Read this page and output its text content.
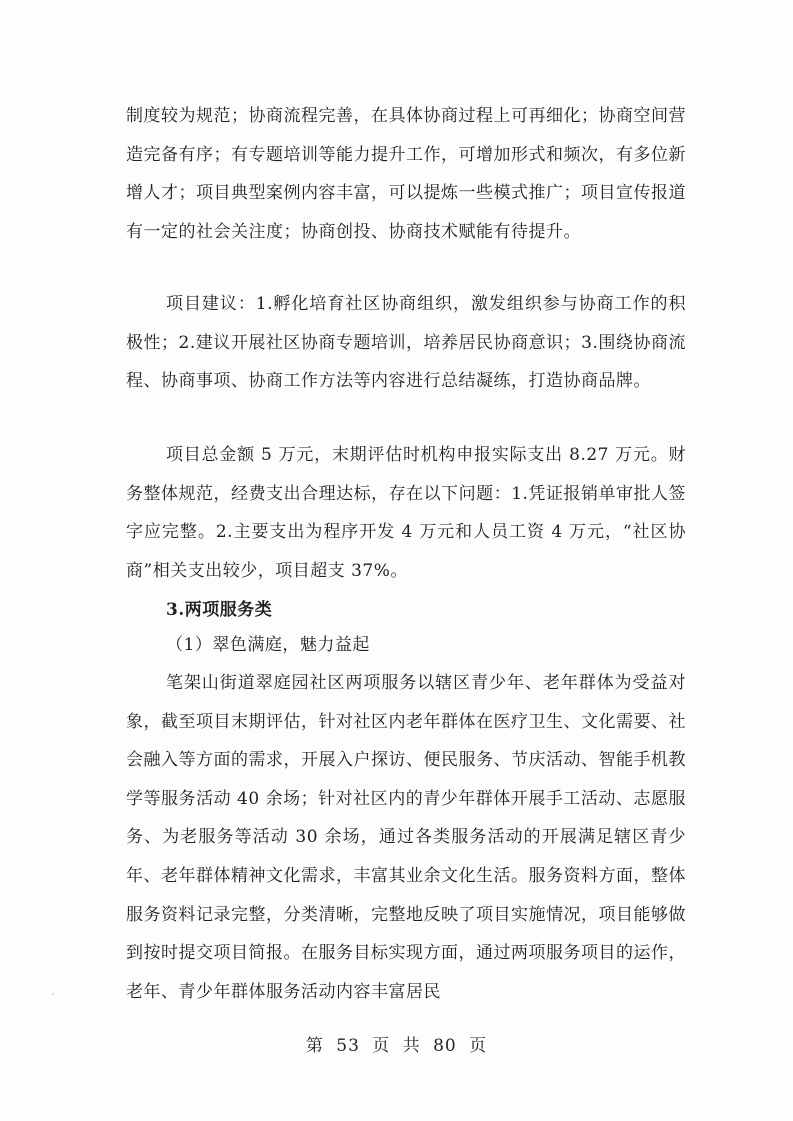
制度较为规范；协商流程完善，在具体协商过程上可再细化；协商空间营造完备有序；有专题培训等能力提升工作，可增加形式和频次，有多位新增人才；项目典型案例内容丰富，可以提炼一些模式推广；项目宣传报道有一定的社会关注度；协商创投、协商技术赋能有待提升。

项目建议：1.孵化培育社区协商组织，激发组织参与协商工作的积极性；2.建议开展社区协商专题培训，培养居民协商意识；3.围绕协商流程、协商事项、协商工作方法等内容进行总结凝练，打造协商品牌。

项目总金额 5 万元，末期评估时机构申报实际支出 8.27 万元。财务整体规范，经费支出合理达标，存在以下问题：1.凭证报销单审批人签字应完整。2.主要支出为程序开发 4 万元和人员工资 4 万元，“社区协商”相关支出较少，项目超支 37%。

3.两项服务类

（1）翠色满庭，魅力益起

笔架山街道翠庭园社区两项服务以辖区青少年、老年群体为受益对象，截至项目末期评估，针对社区内老年群体在医疗卫生、文化需要、社会融入等方面的需求，开展入户探访、便民服务、节庆活动、智能手机教学等服务活动 40 余场；针对社区内的青少年群体开展手工活动、志愿服务、为老服务等活动 30 余场，通过各类服务活动的开展满足辖区青少年、老年群体精神文化需求，丰富其业余文化生活。服务资料方面，整体服务资料记录完整，分类清晰，完整地反映了项目实施情况，项目能够做到按时提交项目简报。在服务目标实现方面，通过两项服务项目的运作，老年、青少年群体服务活动内容丰富居民

第 53 页 共 80 页
